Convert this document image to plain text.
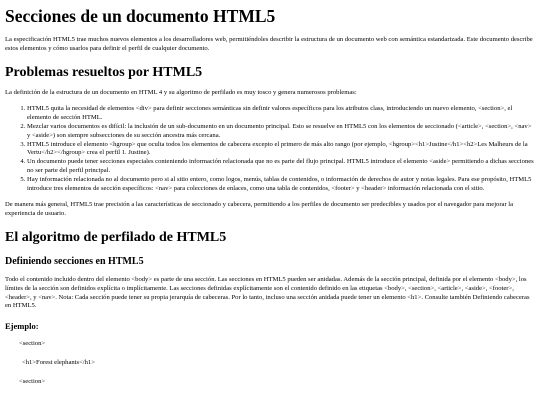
Secciones de un documento HTML5

La especificación HTML5 trae muchos nuevos elementos a los desarrolladores web, permitiéndoles describir la estructura de un documento web con semántica estandarizada. Este documento describe estos elementos y cómo usarlos para definir el perfil de cualquier documento.

Problemas resueltos por HTML5

La definición de la estructura de un documento en HTML 4 y su algoritmo de perfilado es muy tosco y genera numerosos problemas:

1. HTML5 quita la necesidad de elementos <div> para definir secciones semánticas sin definir valores específicos para los atributos class, introduciendo un nuevo elemento, <section>, el elemento de sección HTML.
2. Mezclar varios documentos es difícil: la inclusión de un sub-documento en un documento principal. Esto se resuelve en HTML5 con los elementos de seccionado (<article>, <section>, <nav> y <aside>) son siempre subsecciones de su sección ancestra más cercana.
3. HTML5 introduce el elemento <hgroup> que oculta todos los elementos de cabecera excepto el primero de más alto rango (por ejemplo, <hgroup><h1>Justine</h1><h2>Les Malheurs de la Vertu</h2></hgroup> crea el perfil 1. Justine).
4. Un documento puede tener secciones especiales conteniendo información relacionada que no es parte del flujo principal. HTML5 introduce el elemento <aside> permitiendo a dichas secciones no ser parte del perfil principal.
5. Hay información relacionada no al documento pero si al sitio entero, como logos, menús, tablas de contenidos, o información de derechos de autor y notas legales. Para ese propósito, HTML5 introduce tres elementos de sección específicos: <nav> para colecciones de enlaces, como una tabla de contenidos, <footer> y <header> información relacionada con el sitio.

De manera más general, HTML5 trae precisión a las características de seccionado y cabecera, permitiendo a los perfiles de documento ser predecibles y usados por el navegador para mejorar la experiencia de usuario.

El algoritmo de perfilado de HTML5
Definiendo secciones en HTML5

Todo el contenido incluido dentro del elemento <body> es parte de una sección. Las secciones en HTML5 pueden ser anidadas. Además de la sección principal, definida por el elemento <body>, los límites de la sección son definidos explícita o implícitamente. Las secciones definidas explícitamente son el contenido definido en las etiquetas <body>, <section>, <article>, <aside>, <footer>, <header>, y <nav>. Nota: Cada sección puede tener su propia jerarquía de cabeceras. Por lo tanto, incluso una sección anidada puede tener un elemento <h1>. Consulte también Definiendo cabeceras en HTML5.

Ejemplo:
<section>
<h1>Forest elephants</h1>
<section>
